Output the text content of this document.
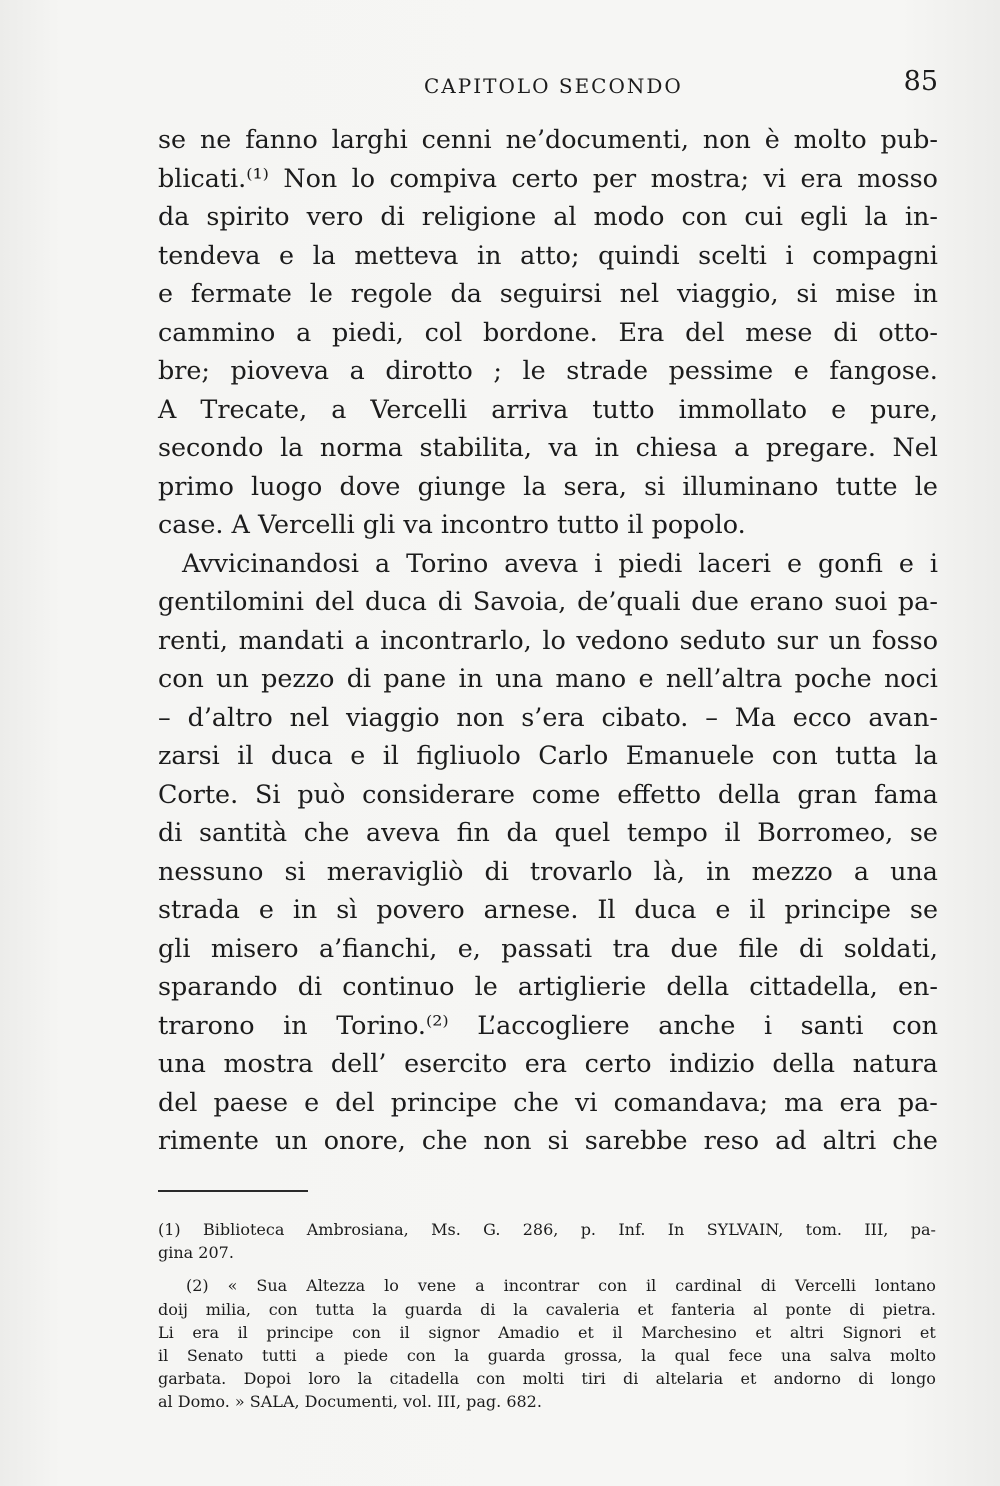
CAPITOLO SECONDO	85
se ne fanno larghi cenni ne’documenti, non è molto pub-
blicati.⁽¹⁾ Non lo compiva certo per mostra; vi era mosso
da spirito vero di religione al modo con cui egli la in-
tendeva e la metteva in atto; quindi scelti i compagni
e fermate le regole da seguirsi nel viaggio, si mise in
cammino a piedi, col bordone. Era del mese di otto-
bre; pioveva a dirotto ; le strade pessime e fangose.
A Trecate, a Vercelli arriva tutto immollato e pure,
secondo la norma stabilita, va in chiesa a pregare. Nel
primo luogo dove giunge la sera, si illuminano tutte le
case. A Vercelli gli va incontro tutto il popolo.
Avvicinandosi a Torino aveva i piedi laceri e gonfi e i
gentilomini del duca di Savoia, de’quali due erano suoi pa-
renti, mandati a incontrarlo, lo vedono seduto sur un fosso
con un pezzo di pane in una mano e nell’altra poche noci
– d’altro nel viaggio non s’era cibato. – Ma ecco avan-
zarsi il duca e il figliuolo Carlo Emanuele con tutta la
Corte. Si può considerare come effetto della gran fama
di santità che aveva fin da quel tempo il Borromeo, se
nessuno si meravigliò di trovarlo là, in mezzo a una
strada e in sì povero arnese. Il duca e il principe se
gli misero a’fianchi, e, passati tra due file di soldati,
sparando di continuo le artiglierie della cittadella, en-
trarono in Torino.⁽²⁾ L’accogliere anche i santi con
una mostra dell’ esercito era certo indizio della natura
del paese e del principe che vi comandava; ma era pa-
rimente un onore, che non si sarebbe reso ad altri che
(1) Biblioteca Ambrosiana, Ms. G. 286, p. Inf. In SYLVAIN, tom. III, pa-
gina 207.
(2) « Sua Altezza lo vene a incontrar con il cardinal di Vercelli lontano
doij milia, con tutta la guarda di la cavaleria et fanteria al ponte di pietra.
Li era il principe con il signor Amadio et il Marchesino et altri Signori et
il Senato tutti a piede con la guarda grossa, la qual fece una salva molto
garbata. Dopoi loro la citadella con molti tiri di altelaria et andorno di longo
al Domo. » SALA, Documenti, vol. III, pag. 682.
